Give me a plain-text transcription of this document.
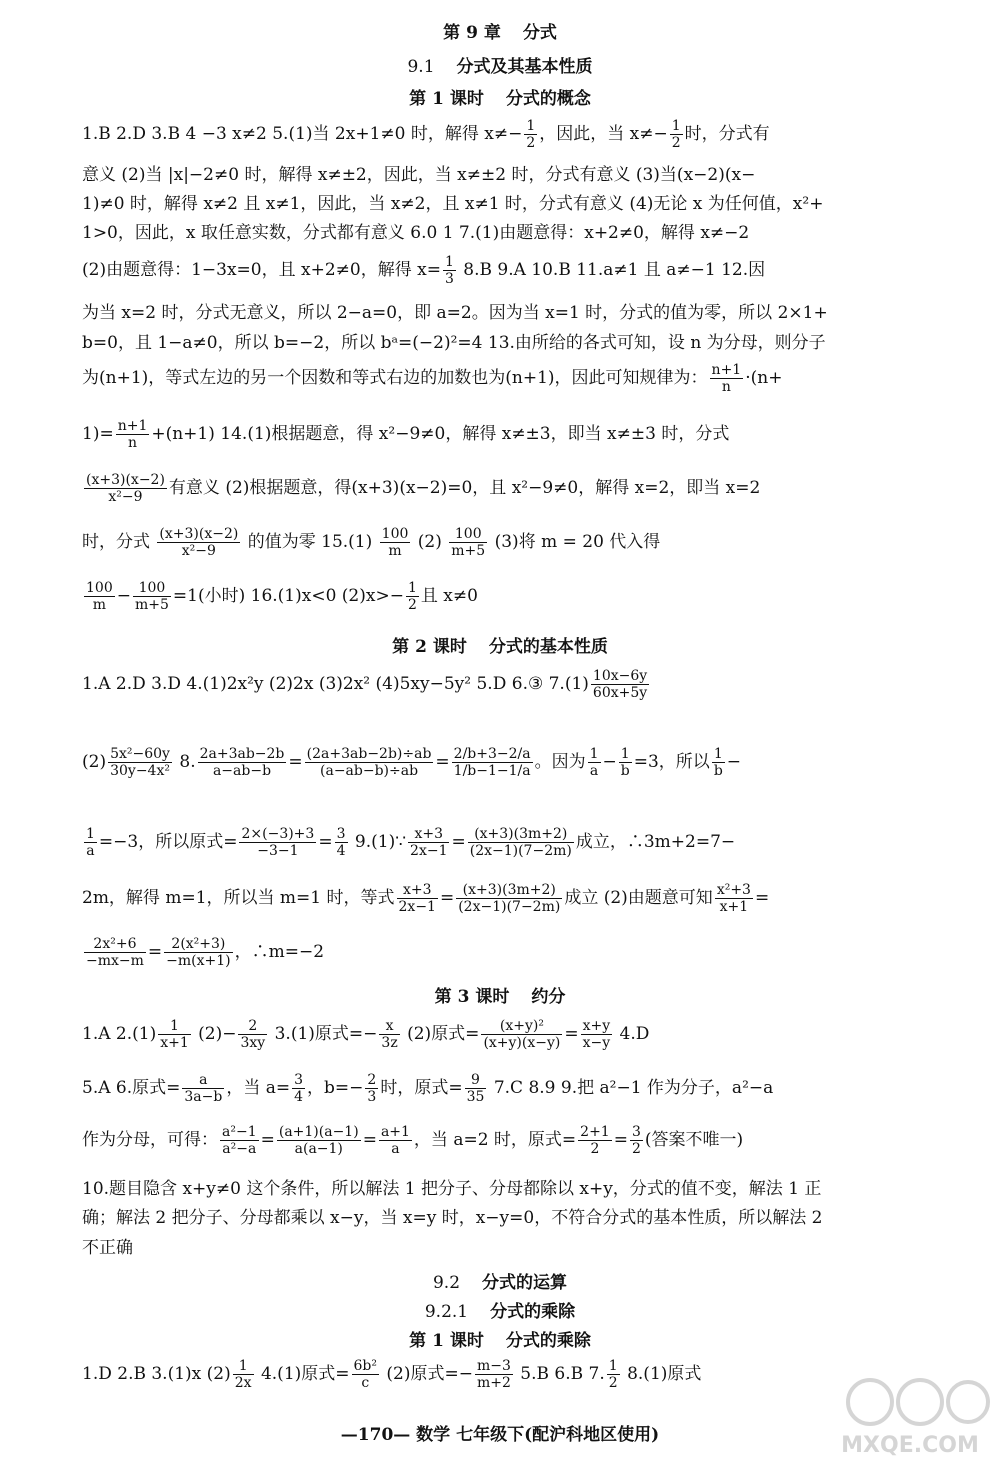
第 9 章 分式
9.1 分式及其基本性质
第 1 课时 分式的概念
1.B 2.D 3.B 4 −3 x≠2 5.(1)当 2x+1≠0 时，解得 $x\ne- \frac{1}{2}$ ，因此，当 $x\ne- \frac{1}{2}$ 时，分式有
意义 (2)当 |x|−2≠0 时，解得 x≠±2，因此，当 x≠±2 时，分式有意义 (3)当(x−2)(x−
1)≠0 时，解得 x≠2 且 x≠1，因此，当 x≠2，且 x≠1 时，分式有意义 (4)无论 x 为任何值，x²+
1>0，因此，x 取任意实数，分式都有意义 6.0 1 7.(1)由题意得：x+2≠0，解得 x≠−2
(2)由题意得：1−3x=0，且 x+2≠0，解得 $x= \frac{1}{3} 8.B$ 9.A 10.B 11.a≠1 且 a≠−1 12.因
为当 x=2 时，分式无意义，所以 2−a=0，即 a=2。因为当 x=1 时，分式的值为零，所以 2×1+
b=0，且 1−a≠0，所以 b=−2，所以 bᵃ=(−2)²=4 13.由所给的各式可知，设 n 为分母，则分子
为(n+1)，等式左边的另一个因数和等式右边的加数也为(n+1)，因此可知规律为： $\frac{n+1}{n} \cdot(n+$
$1)= \frac{n+1}{n} +(n+1)$ 14.(1)根据题意，得 x²−9≠0，解得 x≠±3，即当 x≠±3 时，分式
$\frac{(x+3)(x-2)}{\text{x²−9}}$ 有意义 (2)根据题意，得(x+3)(x−2)=0，且 x²−9≠0，解得 x=2，即当 x=2
时，分式 $\frac{(x+3)(x-2)}{\text{x²−9}}$ 的值为零 $15.(1) \frac{100}{m} (2) \frac{100}{m+5} (3)$将 m = 20 代入得
$\frac{100}{m} - \frac{100}{m+5} =1$(小时) 16.(1)x<0 $(2)x>- \frac{1}{2}$ 且 x≠0
第 2 课时 分式的基本性质
1.A 2.D 3.D 4.(1)2x²y (2)2x (3)2x² (4)5xy−5y² 5.D 6.③ $7.(1) \frac{10x-6y}{60x+5y}$
$(2) \frac{\text{5x²−60y}}{\text{30y−4x²}} 8$. $\frac{2a+3ab-2b}{a-ab-b} = \frac{(2a+3ab-2b)\div ab}{(a-ab-b)\div ab} = \frac{2/b+3-2/a}{1/b-1-1/a}$ 。因为 $\frac{1}{a} - \frac{1}{b} =3$，所以 $\frac{1}{b}$ −
$\frac{1}{a} =-3$，所以原式= $\frac{2\times(-3)+3}{-3-1} = \frac{3}{4}$ 9.(1)∵ $\frac{x+3}{2x-1} = \frac{(x+3)(3m+2)}{(2x-1)(7-2m)}$ 成立，∴3m+2=7−
2m，解得 m=1，所以当 m=1 时，等式 $\frac{x+3}{2x-1} = \frac{(x+3)(3m+2)}{(2x-1)(7-2m)}$ 成立 (2)由题意可知 $\frac{\text{x²+3}}{x+1}$ =
$\frac{\text{2x²+6}}{-mx-m} = \frac{\text{2(x²+3)}}{-m(x+1)}$ ，∴m=−2
第 3 课时 约分
1.A $2.(1) \frac{1}{x+1} (2)- \frac{2}{3xy} 3.(1)$原式=− $\frac{x}{3z} (2)$原式= $\frac{\text{(x+y)²}}{(x+y)(x-y)} = \frac{x+y}{x-y} 4.D$
5.A 6.原式= $\frac{a}{3a-b}$ ，当 $a= \frac{3}{4}$ ，$b=- \frac{2}{3}$ 时，原式= $\frac{9}{35} 7.C$ 8.9 9.把 a²−1 作为分子，a²−a
作为分母，可得： $\frac{\text{a²−1}}{\text{a²−a}} = \frac{(a+1)(a-1)}{a(a-1)} = \frac{a+1}{a}$ ，当 a=2 时，原式= $\frac{2+1}{2} = \frac{3}{2}$ (答案不唯一)
10.题目隐含 x+y≠0 这个条件，所以解法 1 把分子、分母都除以 x+y，分式的值不变，解法 1 正
确；解法 2 把分子、分母都乘以 x−y，当 x=y 时，x−y=0，不符合分式的基本性质，所以解法 2
不正确
9.2 分式的运算
9.2.1 分式的乘除
第 1 课时 分式的乘除
1.D 2.B 3.(1)x $(2) \frac{1}{2x} 4.(1)$原式= $\frac{\text{6b²}}{c} (2)$原式=− $\frac{m-3}{m+2} 5.B$ 6.B 7. $\frac{1}{2} 8.(1)$原式
—170— 数学 七年级下(配沪科地区使用)	MXQE.COM
